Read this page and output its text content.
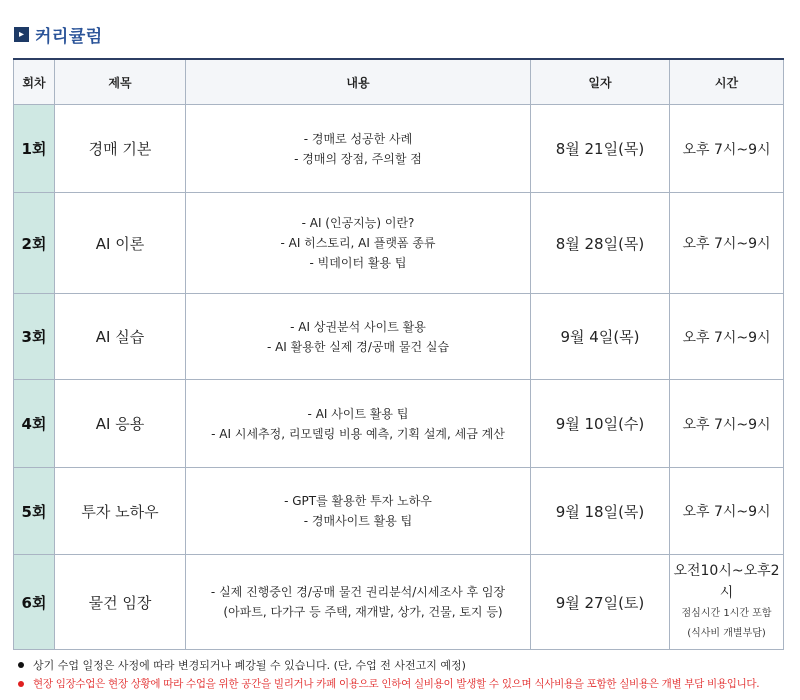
▸ 커리큘럼
회차	제목	내용	일자	시간
1회	경매 기본	- 경매로 성공한 사례
- 경매의 장점, 주의할 점	8월 21일(목)	오후 7시~9시
2회	AI 이론	- AI (인공지능) 이란?
- AI 히스토리, AI 플랫폼 종류
- 빅데이터 활용 팁	8월 28일(목)	오후 7시~9시
3회	AI 실습	- AI 상권분석 사이트 활용
- AI 활용한 실제 경/공매 물건 실습	9월 4일(목)	오후 7시~9시
4회	AI 응용	- AI 사이트 활용 팁
- AI 시세추정, 리모델링 비용 예측, 기획 설계, 세금 계산	9월 10일(수)	오후 7시~9시
5회	투자 노하우	- GPT를 활용한 투자 노하우
- 경매사이트 활용 팁	9월 18일(목)	오후 7시~9시
6회	물건 임장	- 실제 진행중인 경/공매 물건 권리분석/시세조사 후 임장
(아파트, 다가구 등 주택, 재개발, 상가, 건물, 토지 등)	9월 27일(토)	오전10시~오후2시
점심시간 1시간 포함
(식사비 개별부담)
상기 수업 일정은 사정에 따라 변경되거나 폐강될 수 있습니다. (단, 수업 전 사전고지 예정)
현장 임장수업은 현장 상황에 따라 수업을 위한 공간을 빌리거나 카페 이용으로 인하여 실비용이 발생할 수 있으며 식사비용을 포함한 실비용은 개별 부담 비용입니다.
